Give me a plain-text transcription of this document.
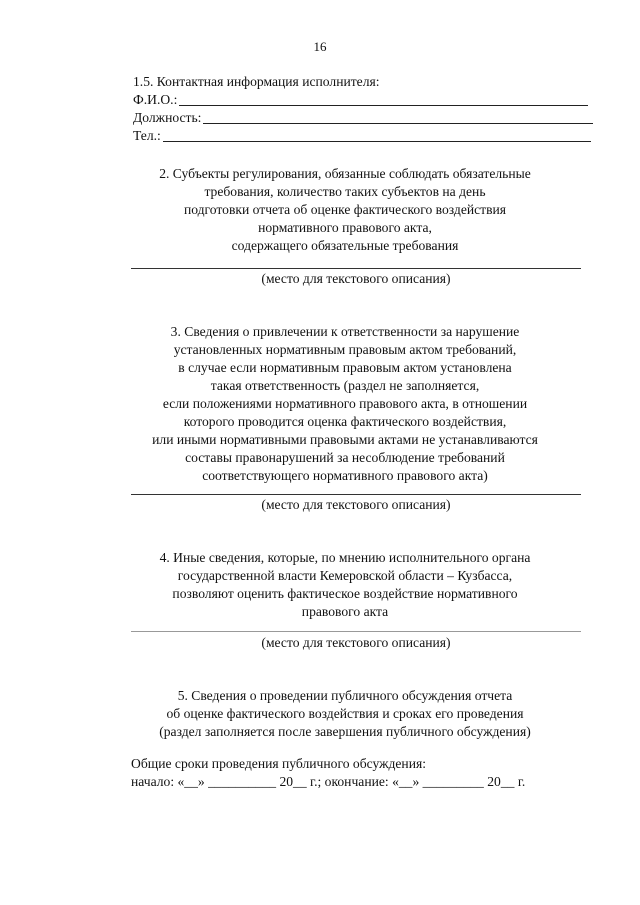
16
1.5. Контактная информация исполнителя:
Ф.И.О.:
Должность:
Тел.:
2. Субъекты регулирования, обязанные соблюдать обязательные
требования, количество таких субъектов на день
подготовки отчета об оценке фактического воздействия
нормативного правового акта,
содержащего обязательные требования
(место для текстового описания)
3. Сведения о привлечении к ответственности за нарушение
установленных нормативным правовым актом требований,
в случае если нормативным правовым актом установлена
такая ответственность (раздел не заполняется,
если положениями нормативного правового акта, в отношении
которого проводится оценка фактического воздействия,
или иными нормативными правовыми актами не устанавливаются
составы правонарушений за несоблюдение требований
соответствующего нормативного правового акта)
(место для текстового описания)
4. Иные сведения, которые, по мнению исполнительного органа
государственной власти Кемеровской области – Кузбасса,
позволяют оценить фактическое воздействие нормативного
правового акта
(место для текстового описания)
5. Сведения о проведении публичного обсуждения отчета
об оценке фактического воздействия и сроках его проведения
(раздел заполняется после завершения публичного обсуждения)
Общие сроки проведения публичного обсуждения:
начало: «__» __________ 20__ г.; окончание: «__» _________ 20__ г.
